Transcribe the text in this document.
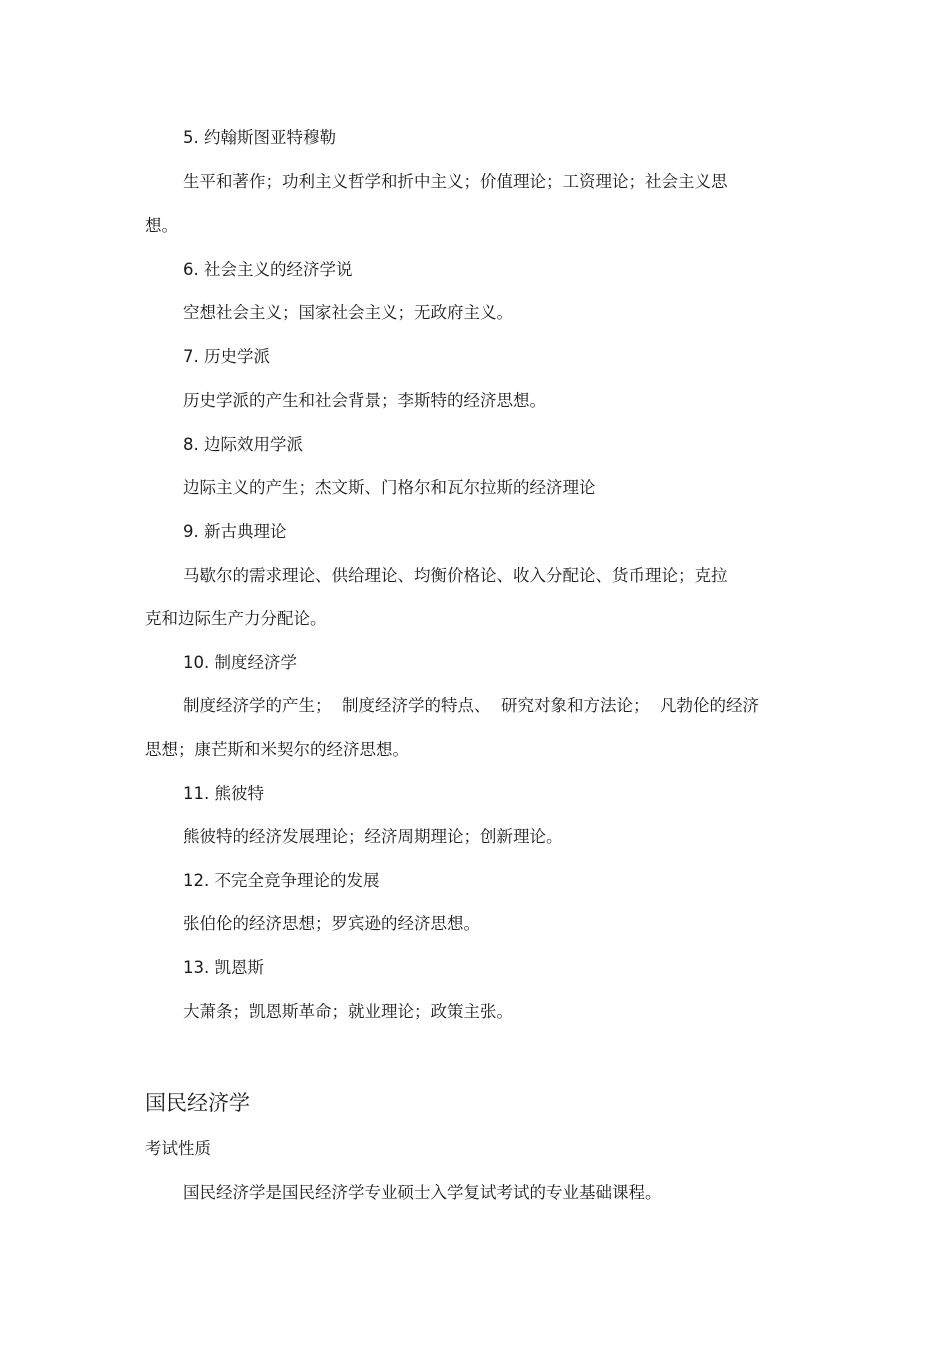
5. 约翰斯图亚特穆勒
生平和著作；功利主义哲学和折中主义；价值理论；工资理论；社会主义思
想。
6. 社会主义的经济学说
空想社会主义；国家社会主义；无政府主义。
7. 历史学派
历史学派的产生和社会背景；李斯特的经济思想。
8. 边际效用学派
边际主义的产生；杰文斯、门格尔和瓦尔拉斯的经济理论
9. 新古典理论
马歇尔的需求理论、供给理论、均衡价格论、收入分配论、货币理论；克拉
克和边际生产力分配论。
10. 制度经济学
制度经济学的产生；  制度经济学的特点、  研究对象和方法论；  凡勃伦的经济
思想；康芒斯和米契尔的经济思想。
11. 熊彼特
熊彼特的经济发展理论；经济周期理论；创新理论。
12. 不完全竞争理论的发展
张伯伦的经济思想；罗宾逊的经济思想。
13. 凯恩斯
大萧条；凯恩斯革命；就业理论；政策主张。
国民经济学
考试性质
国民经济学是国民经济学专业硕士入学复试考试的专业基础课程。
